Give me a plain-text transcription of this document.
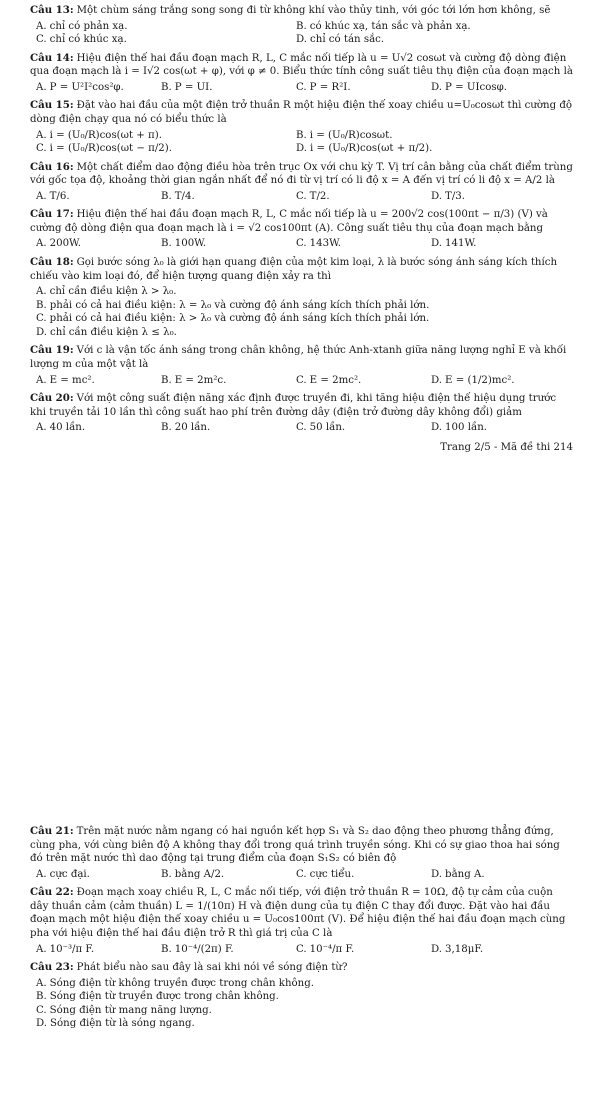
Câu 13: Một chùm sáng trắng song song đi từ không khí vào thủy tinh, với góc tới lớn hơn không, sẽ
A. chỉ có phản xạ.	B. có khúc xạ, tán sắc và phản xạ.
C. chỉ có khúc xạ.	D. chỉ có tán sắc.
Câu 14: Hiệu điện thế hai đầu đoạn mạch R, L, C mắc nối tiếp là u = U√2 cosωt và cường độ dòng điện qua đoạn mạch là i = I√2 cos(ωt + φ), với φ ≠ 0. Biểu thức tính công suất tiêu thụ điện của đoạn mạch là
A. P = U²I²cos²φ.	B. P = UI.	C. P = R²I.	D. P = UIcosφ.
Câu 15: Đặt vào hai đầu của một điện trở thuần R một hiệu điện thế xoay chiều u=U₀cosωt thì cường độ dòng điện chạy qua nó có biểu thức là
A. i = (U₀/R)cos(ωt + π).	B. i = (U₀/R)cosωt.
C. i = (U₀/R)cos(ωt − π/2).	D. i = (U₀/R)cos(ωt + π/2).
Câu 16: Một chất điểm dao động điều hòa trên trục Ox với chu kỳ T. Vị trí cân bằng của chất điểm trùng với gốc tọa độ, khoảng thời gian ngắn nhất để nó đi từ vị trí có li độ x = A đến vị trí có li độ x = A/2 là
A. T/6.	B. T/4.	C. T/2.	D. T/3.
Câu 17: Hiệu điện thế hai đầu đoạn mạch R, L, C mắc nối tiếp là u = 200√2 cos(100πt − π/3) (V) và cường độ dòng điện qua đoạn mạch là i = √2 cos100πt (A). Công suất tiêu thụ của đoạn mạch bằng
A. 200W.	B. 100W.	C. 143W.	D. 141W.
Câu 18: Gọi bước sóng λ₀ là giới hạn quang điện của một kim loại, λ là bước sóng ánh sáng kích thích chiếu vào kim loại đó, để hiện tượng quang điện xảy ra thì
A. chỉ cần điều kiện λ > λ₀.
B. phải có cả hai điều kiện: λ = λ₀ và cường độ ánh sáng kích thích phải lớn.
C. phải có cả hai điều kiện: λ > λ₀ và cường độ ánh sáng kích thích phải lớn.
D. chỉ cần điều kiện λ ≤ λ₀.
Câu 19: Với c là vận tốc ánh sáng trong chân không, hệ thức Anh-xtanh giữa năng lượng nghỉ E và khối lượng m của một vật là
A. E = mc².	B. E = 2m²c.	C. E = 2mc².	D. E = (1/2)mc².
Câu 20: Với một công suất điện năng xác định được truyền đi, khi tăng hiệu điện thế hiệu dụng trước khi truyền tải 10 lần thì công suất hao phí trên đường dây (điện trở đường dây không đổi) giảm
A. 40 lần.	B. 20 lần.	C. 50 lần.	D. 100 lần.
Trang 2/5 - Mã đề thi 214
Câu 21: Trên mặt nước nằm ngang có hai nguồn kết hợp S₁ và S₂ dao động theo phương thẳng đứng, cùng pha, với cùng biên độ A không thay đổi trong quá trình truyền sóng. Khi có sự giao thoa hai sóng đó trên mặt nước thì dao động tại trung điểm của đoạn S₁S₂ có biên độ
A. cực đại.	B. bằng A/2.	C. cực tiểu.	D. bằng A.
Câu 22: Đoạn mạch xoay chiều R, L, C mắc nối tiếp, với điện trở thuần R = 10Ω, độ tự cảm của cuộn dây thuần cảm (cảm thuần) L = 1/(10π) H và điện dung của tụ điện C thay đổi được. Đặt vào hai đầu đoạn mạch một hiệu điện thế xoay chiều u = U₀cos100πt (V). Để hiệu điện thế hai đầu đoạn mạch cùng pha với hiệu điện thế hai đầu điện trở R thì giá trị của C là
A. 10⁻³/π F.	B. 10⁻⁴/(2π) F.	C. 10⁻⁴/π F.	D. 3,18μF.
Câu 23: Phát biểu nào sau đây là sai khi nói về sóng điện từ?
A. Sóng điện từ không truyền được trong chân không.
B. Sóng điện từ truyền được trong chân không.
C. Sóng điện từ mang năng lượng.
D. Sóng điện từ là sóng ngang.
